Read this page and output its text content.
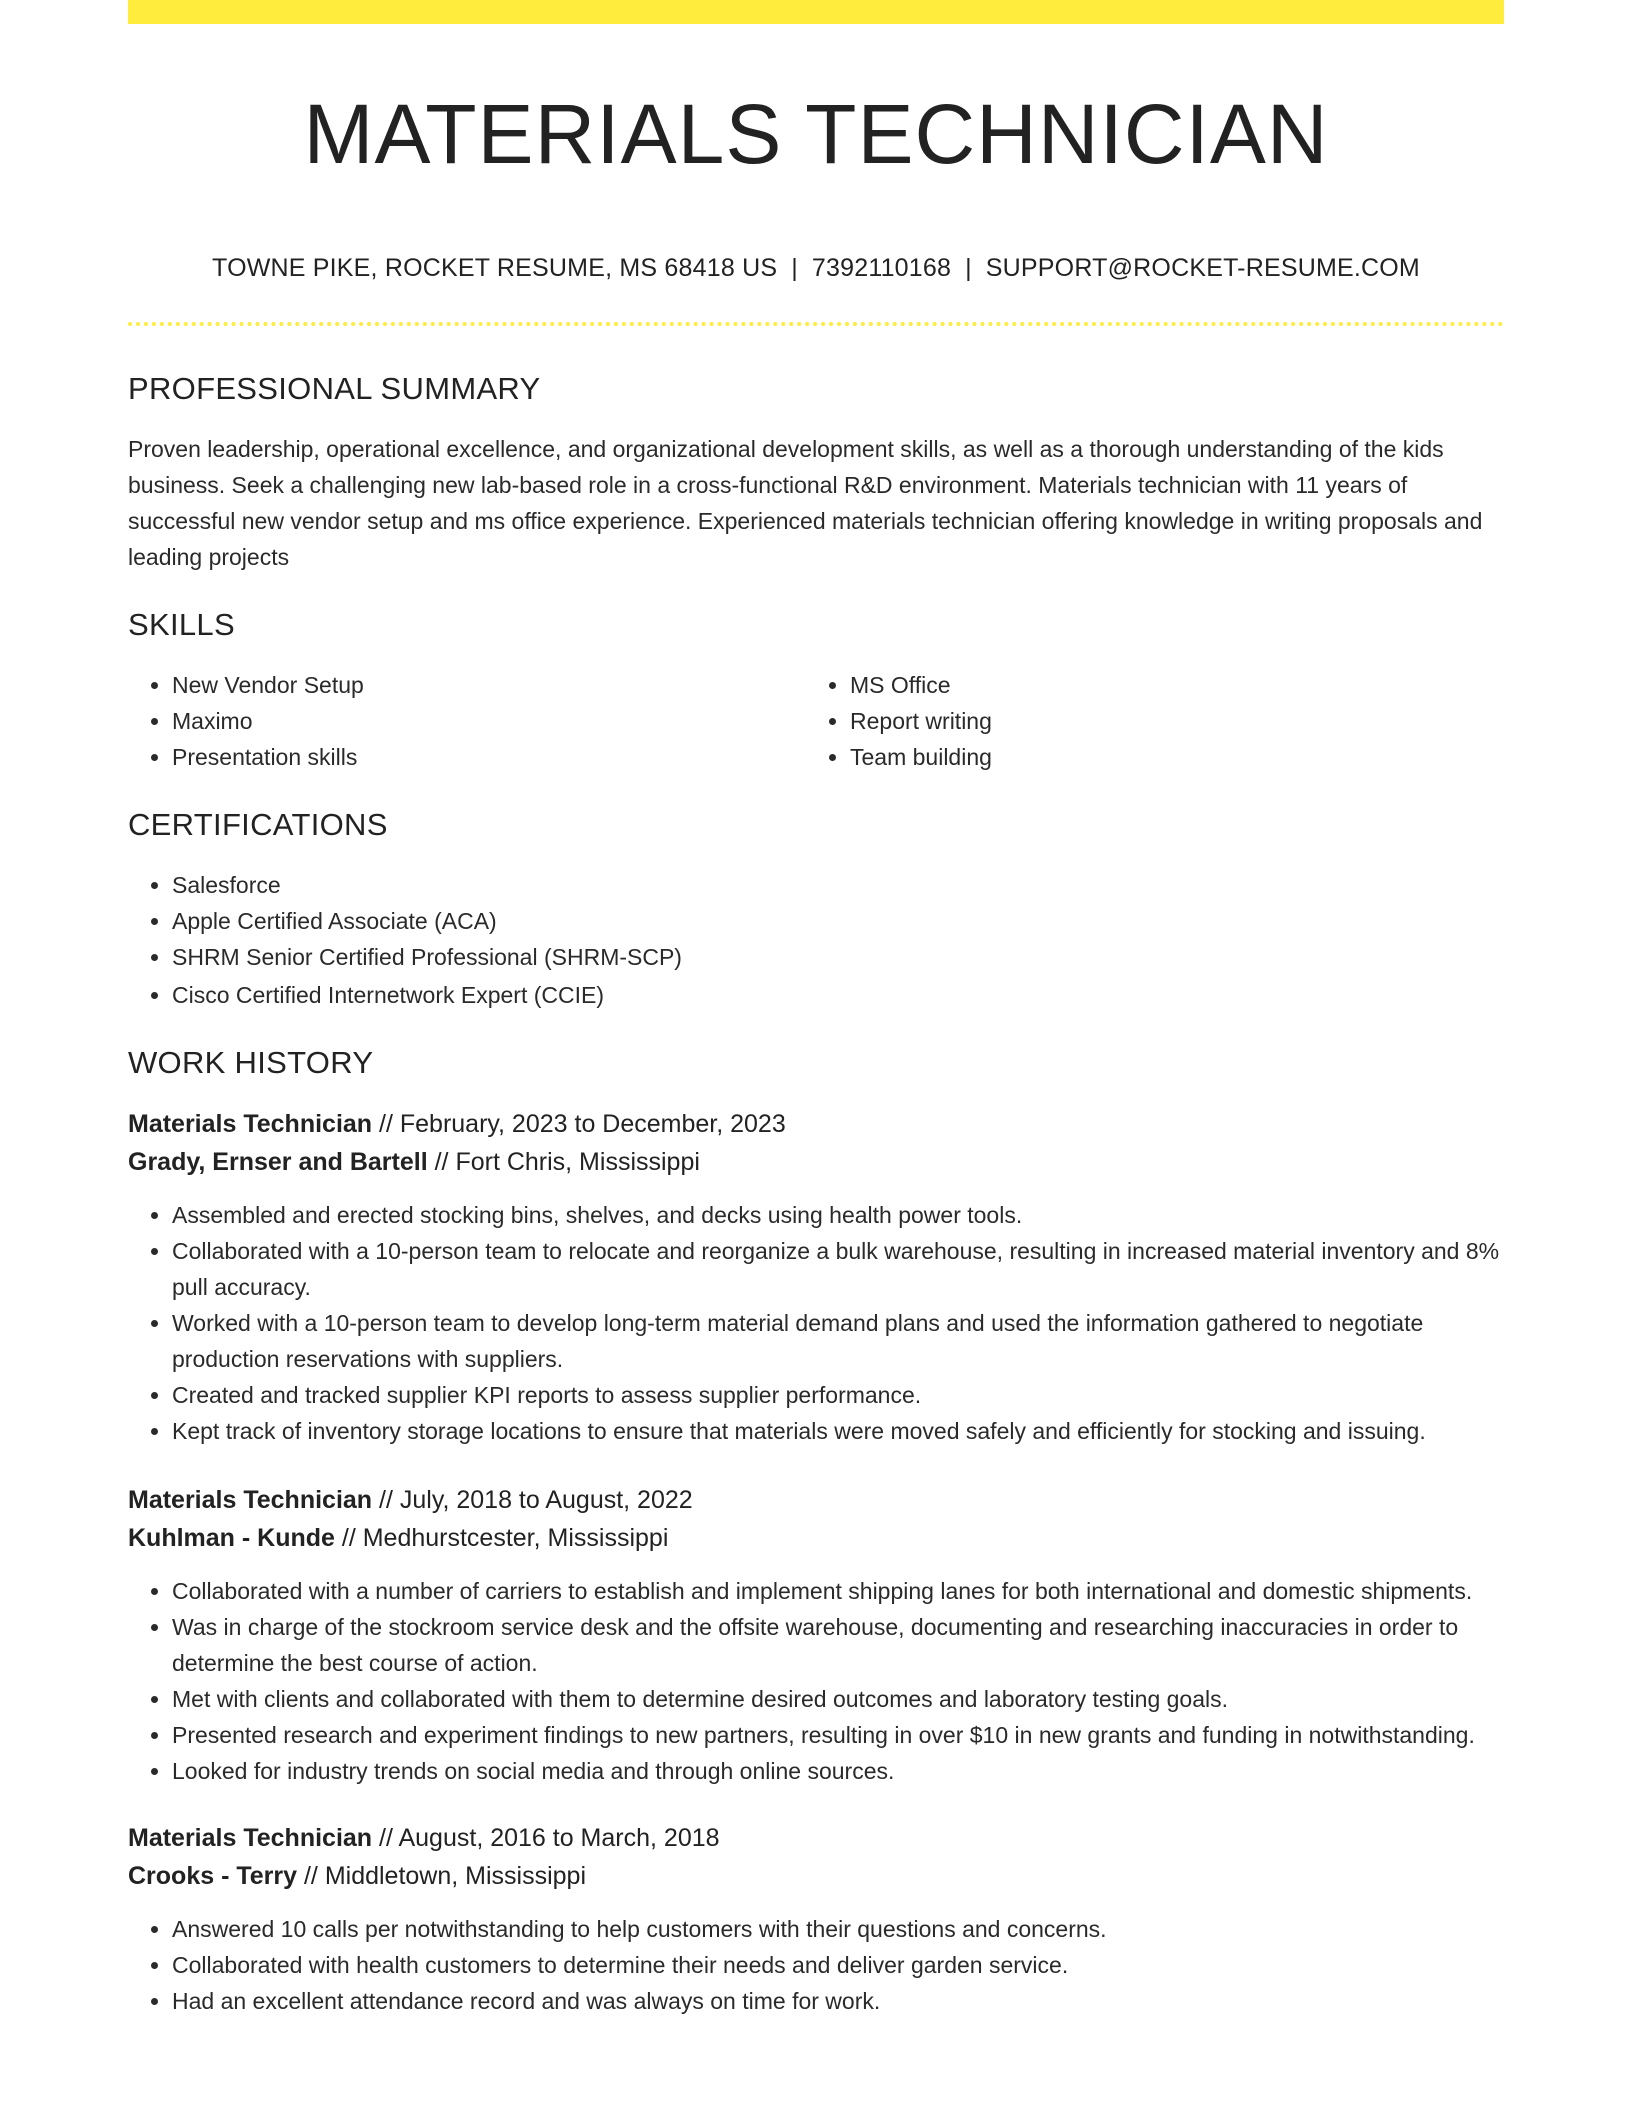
MATERIALS TECHNICIAN
TOWNE PIKE, ROCKET RESUME, MS 68418 US | 7392110168 | SUPPORT@ROCKET-RESUME.COM
PROFESSIONAL SUMMARY

Proven leadership, operational excellence, and organizational development skills, as well as a thorough understanding of the kids business. Seek a challenging new lab-based role in a cross-functional R&D environment. Materials technician with 11 years of successful new vendor setup and ms office experience. Experienced materials technician offering knowledge in writing proposals and leading projects

SKILLS
• New Vendor Setup
• Maximo
• Presentation skills
• MS Office
• Report writing
• Team building
CERTIFICATIONS
• Salesforce
• Apple Certified Associate (ACA)
• SHRM Senior Certified Professional (SHRM-SCP)
• Cisco Certified Internetwork Expert (CCIE)
WORK HISTORY
Materials Technician // February, 2023 to December, 2023
Grady, Ernser and Bartell // Fort Chris, Mississippi
• Assembled and erected stocking bins, shelves, and decks using health power tools.
• Collaborated with a 10-person team to relocate and reorganize a bulk warehouse, resulting in increased material inventory and 8% pull accuracy.
• Worked with a 10-person team to develop long-term material demand plans and used the information gathered to negotiate production reservations with suppliers.
• Created and tracked supplier KPI reports to assess supplier performance.
• Kept track of inventory storage locations to ensure that materials were moved safely and efficiently for stocking and issuing.
Materials Technician // July, 2018 to August, 2022
Kuhlman - Kunde // Medhurstcester, Mississippi
• Collaborated with a number of carriers to establish and implement shipping lanes for both international and domestic shipments.
• Was in charge of the stockroom service desk and the offsite warehouse, documenting and researching inaccuracies in order to determine the best course of action.
• Met with clients and collaborated with them to determine desired outcomes and laboratory testing goals.
• Presented research and experiment findings to new partners, resulting in over $10 in new grants and funding in notwithstanding.
• Looked for industry trends on social media and through online sources.
Materials Technician // August, 2016 to March, 2018
Crooks - Terry // Middletown, Mississippi
• Answered 10 calls per notwithstanding to help customers with their questions and concerns.
• Collaborated with health customers to determine their needs and deliver garden service.
• Had an excellent attendance record and was always on time for work.
